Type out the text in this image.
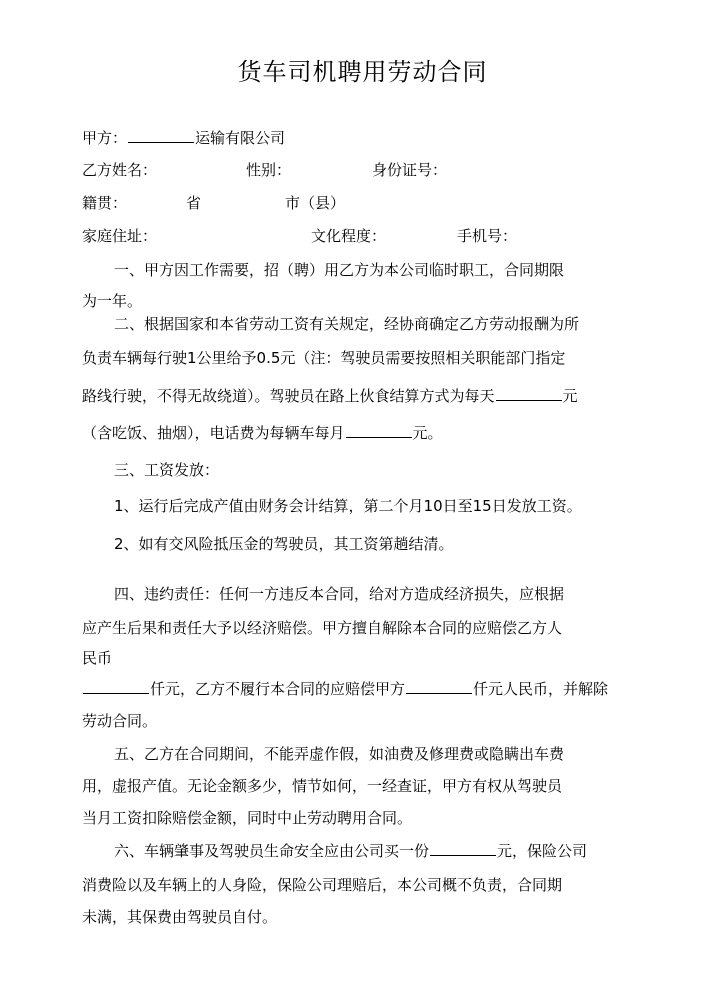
货车司机聘用劳动合同
甲方：	运输有限公司
乙方姓名：	性别：	身份证号：
籍贯：	省	市（县）
家庭住址：	文化程度：	手机号：
一、甲方因工作需要，招（聘）用乙方为本公司临时职工，合同期限
为一年。
二、根据国家和本省劳动工资有关规定，经协商确定乙方劳动报酬为所
负责车辆每行驶1公里给予0.5元（注：驾驶员需要按照相关职能部门指定
路线行驶，不得无故绕道）。驾驶员在路上伙食结算方式为每天	元
（含吃饭、抽烟），电话费为每辆车每月	元。
三、工资发放：
1、运行后完成产值由财务会计结算，第二个月10日至15日发放工资。
2、如有交风险抵压金的驾驶员，其工资第趟结清。
四、违约责任：任何一方违反本合同，给对方造成经济损失，应根据
应产生后果和责任大予以经济赔偿。甲方擅自解除本合同的应赔偿乙方人
民币
仟元，乙方不履行本合同的应赔偿甲方	仟元人民币，并解除
劳动合同。
五、乙方在合同期间，不能弄虚作假，如油费及修理费或隐瞒出车费
用，虚报产值。无论金额多少，情节如何，一经查证，甲方有权从驾驶员
当月工资扣除赔偿金额，同时中止劳动聘用合同。
六、车辆肇事及驾驶员生命安全应由公司买一份	元，保险公司
消费险以及车辆上的人身险，保险公司理赔后，本公司概不负责，合同期
未满，其保费由驾驶员自付。
